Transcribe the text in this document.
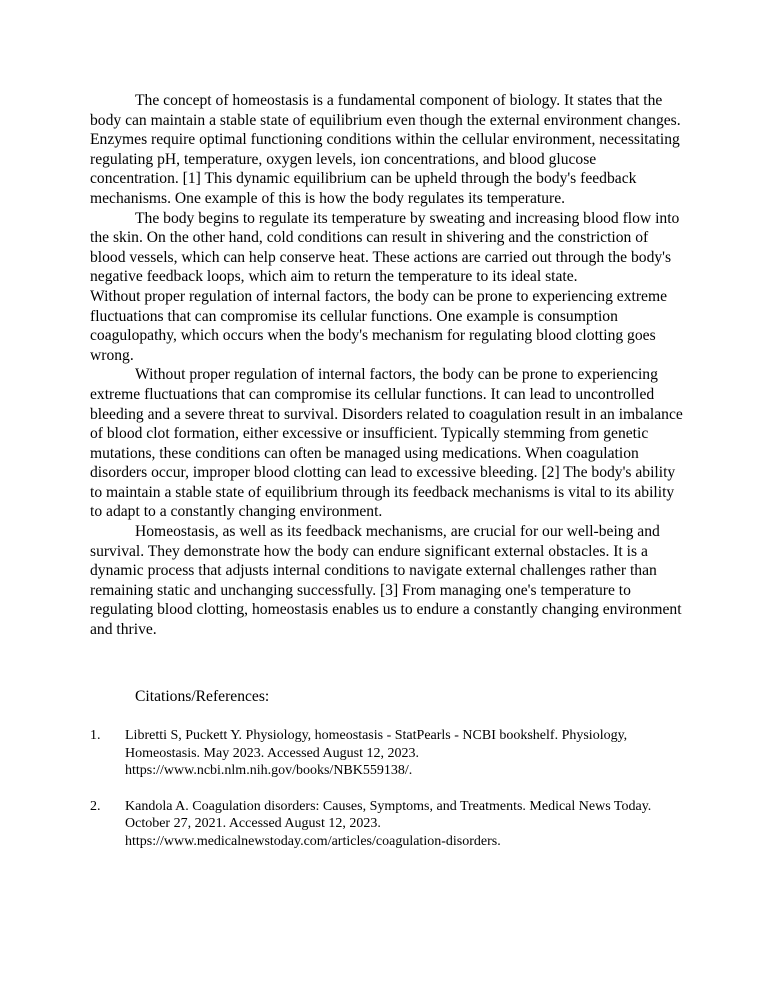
The concept of homeostasis is a fundamental component of biology. It states that the body can maintain a stable state of equilibrium even though the external environment changes. Enzymes require optimal functioning conditions within the cellular environment, necessitating regulating pH, temperature, oxygen levels, ion concentrations, and blood glucose concentration. [1] This dynamic equilibrium can be upheld through the body's feedback mechanisms. One example of this is how the body regulates its temperature.

The body begins to regulate its temperature by sweating and increasing blood flow into the skin. On the other hand, cold conditions can result in shivering and the constriction of blood vessels, which can help conserve heat. These actions are carried out through the body's negative feedback loops, which aim to return the temperature to its ideal state.

Without proper regulation of internal factors, the body can be prone to experiencing extreme fluctuations that can compromise its cellular functions. One example is consumption coagulopathy, which occurs when the body's mechanism for regulating blood clotting goes wrong.

Without proper regulation of internal factors, the body can be prone to experiencing extreme fluctuations that can compromise its cellular functions. It can lead to uncontrolled bleeding and a severe threat to survival. Disorders related to coagulation result in an imbalance of blood clot formation, either excessive or insufficient. Typically stemming from genetic mutations, these conditions can often be managed using medications. When coagulation disorders occur, improper blood clotting can lead to excessive bleeding. [2] The body's ability to maintain a stable state of equilibrium through its feedback mechanisms is vital to its ability to adapt to a constantly changing environment.

Homeostasis, as well as its feedback mechanisms, are crucial for our well-being and survival. They demonstrate how the body can endure significant external obstacles. It is a dynamic process that adjusts internal conditions to navigate external challenges rather than remaining static and unchanging successfully. [3] From managing one's temperature to regulating blood clotting, homeostasis enables us to endure a constantly changing environment and thrive.

Citations/References:

1. Libretti S, Puckett Y. Physiology, homeostasis - StatPearls - NCBI bookshelf. Physiology, Homeostasis. May 2023. Accessed August 12, 2023. https://www.ncbi.nlm.nih.gov/books/NBK559138/.
2. Kandola A. Coagulation disorders: Causes, Symptoms, and Treatments. Medical News Today. October 27, 2021. Accessed August 12, 2023. https://www.medicalnewstoday.com/articles/coagulation-disorders.
